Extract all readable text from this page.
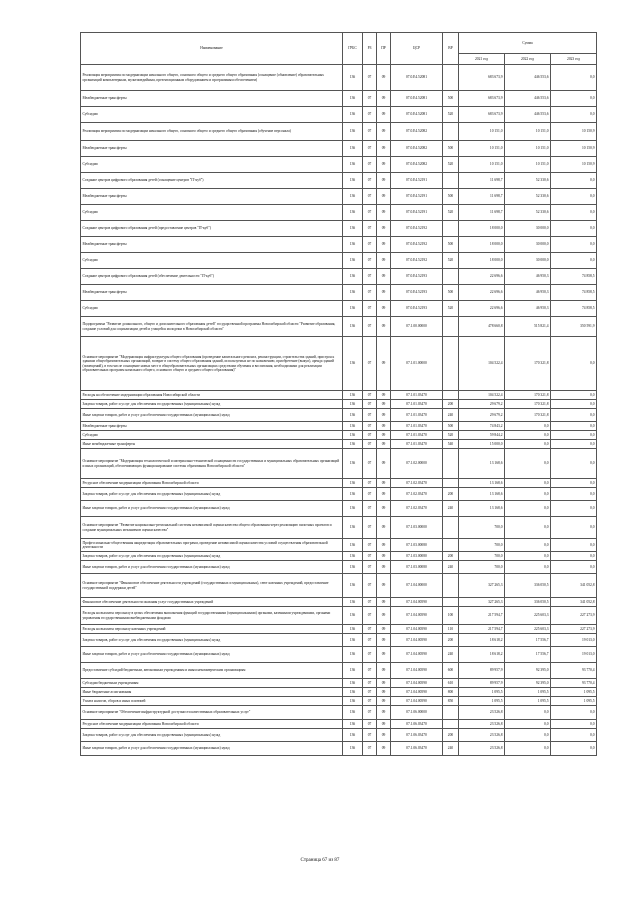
Наименование	ГРБС	РЗ	ПР	ЦСР	ВР	Сумма		
						2021 год	2022 год	2023 год
Реализация мероприятия по модернизации начального общего, основного общего и среднего общего образования (оснащение (обновление) образовательных организаций компьютерным, мультимедийным, презентационным оборудованием и программным обеспечением)	136	07	09	07.0.E4.52081		683 673,9	446 553,6	0,0
Межбюджетные трансферты	136	07	09	07.0.E4.52081	500	683 673,9	446 553,6	0,0
Субсидии	136	07	09	07.0.E4.52081	520	683 673,9	446 553,6	0,0
Реализация мероприятия по модернизации начального общего, основного общего и среднего общего образования (обучение персонала)	136	07	09	07.0.E4.52082		10 151,0	10 151,0	10 150,9
Межбюджетные трансферты	136	07	09	07.0.E4.52082	500	10 151,0	10 151,0	10 150,9
Субсидии	136	07	09	07.0.E4.52082	520	10 151,0	10 151,0	10 150,9
Создание центров цифрового образования детей (оснащение центров "IT-куб")	136	07	09	07.0.E4.52191		11 698,7	52 330,6	0,0
Межбюджетные трансферты	136	07	09	07.0.E4.52191	500	11 698,7	52 330,6	0,0
Субсидии	136	07	09	07.0.E4.52191	520	11 698,7	52 330,6	0,0
Создание центров цифрового образования детей (предоставление центров "IT-куб")	136	07	09	07.0.E4.52192		18 000,0	30 000,0	0,0
Межбюджетные трансферты	136	07	09	07.0.E4.52192	500	18 000,0	30 000,0	0,0
Субсидии	136	07	09	07.0.E4.52192	520	18 000,0	30 000,0	0,0
Создание центров цифрового образования детей (обеспечение деятельности "IT-куб")	136	07	09	07.0.E4.52193		22 696,6	46 950,3	74 858,5
Межбюджетные трансферты	136	07	09	07.0.E4.52193	500	22 696,6	46 950,3	74 858,5
Субсидии	136	07	09	07.0.E4.52193	520	22 696,6	46 950,3	74 858,5
Подпрограмма "Развитие дошкольного, общего и дополнительного образования детей" государственной программы Новосибирской области "Развитие образования, создание условий для социализации детей и учащейся молодежи в Новосибирской области"	136	07	09	07.1.00.00000		478 660,8	515 821,4	350 591,9
Основное мероприятие "Модернизация инфраструктуры общего образования (проведение капитального ремонта, реконструкции, строительства зданий, пристроя к зданиям общеобразовательных организаций, возврат в систему общего образования зданий, используемых не по назначению, приобретение (выкуп), аренда зданий (помещений), в том числе оснащение новых мест в общеобразовательных организациях средствами обучения и воспитания, необходимыми для реализации образовательных программ начального общего, основного общего и среднего общего образования)"	136	07	09	07.1.01.00000		104 522,4	170 321,8	0,0
Расходы на обеспечение модернизации образования Новосибирской области	136	07	09	07.1.01.03470		104 522,4	170 321,8	0,0
Закупка товаров, работ и услуг для обеспечения государственных (муниципальных) нужд	136	07	09	07.1.01.03470	200	29 679,2	170 321,8	0,0
Иные закупки товаров, работ и услуг для обеспечения государственных (муниципальных) нужд	136	07	09	07.1.01.03470	240	29 679,2	170 321,8	0,0
Межбюджетные трансферты	136	07	09	07.1.01.03470	500	74 843,2	0,0	0,0
Субсидии	136	07	09	07.1.01.03470	520	59 844,2	0,0	0,0
Иные межбюджетные трансферты	136	07	09	07.1.01.03470	540	15 000,0	0,0	0,0
Основное мероприятие "Модернизация технологической и материально-технической оснащенности государственных и муниципальных образовательных организаций и иных организаций, обеспечивающих функционирование системы образования Новосибирской области"	136	07	09	07.1.02.00000		13 168,6	0,0	0,0
Ресурсное обеспечение модернизации образования Новосибирской области	136	07	09	07.1.02.03470		13 168,6	0,0	0,0
Закупка товаров, работ и услуг для обеспечения государственных (муниципальных) нужд	136	07	09	07.1.02.03470	200	13 168,6	0,0	0,0
Иные закупки товаров, работ и услуг для обеспечения государственных (муниципальных) нужд	136	07	09	07.1.02.03470	240	13 168,6	0,0	0,0
Основное мероприятие "Развитие национально-региональной системы независимой оценки качества общего образования через реализацию пилотных проектов и создание муниципальных механизмов оценки качества"	136	07	09	07.1.03.00000		700,0	0,0	0,0
Профессионально-общественная аккредитация образовательных программ, проведение независимой оценки качества условий осуществления образовательной деятельности	136	07	09	07.1.03.00080		700,0	0,0	0,0
Закупка товаров, работ и услуг для обеспечения государственных (муниципальных) нужд	136	07	09	07.1.03.00080	200	700,0	0,0	0,0
Иные закупки товаров, работ и услуг для обеспечения государственных (муниципальных) нужд	136	07	09	07.1.03.00080	240	700,0	0,0	0,0
Основное мероприятие "Финансовое обеспечение деятельности учреждений (государственных и муниципальных), сеют казенных учреждений, предоставление государственной поддержки детей"	136	07	09	07.1.04.00000		327 265,3	336 050,5	341 052,8
Финансовое обеспечение деятельности оказания услуг государственных учреждений	136	07	09	07.1.04.00590		327 265,3	336 050,5	341 052,8
Расходы на выплаты персоналу в целях обеспечения выполнения функций государственными (муниципальными) органами, казенными учреждениями, органами управления государственными внебюджетными фондами	136	07	09	07.1.04.00590	100	217 594,7	225 603,3	227 273,9
Расходы на выплаты персоналу казенных учреждений	136	07	09	07.1.04.00590	110	217 594,7	225 603,3	227 273,9
Закупка товаров, работ и услуг для обеспечения государственных (муниципальных) нужд	136	07	09	07.1.04.00590	200	18 618,2	17 556,7	19 013,0
Иные закупки товаров, работ и услуг для обеспечения государственных (муниципальных) нужд	136	07	09	07.1.04.00590	240	18 618,2	17 556,7	19 013,0
Предоставление субсидий бюджетным, автономным учреждениям и иным некоммерческим организациям	136	07	09	07.1.04.00590	600	89 957,9	92 395,0	93 770,4
Субсидии бюджетным учреждениям	136	07	09	07.1.04.00590	610	89 957,9	92 395,0	93 770,4
Иные бюджетные ассигнования	136	07	09	07.1.04.00590	800	1 095,5	1 095,5	1 095,5
Уплата налогов, сборов и иных платежей	136	07	09	07.1.04.00590	850	1 095,5	1 095,5	1 095,5
Основное мероприятие "Обеспечение инфраструктурной доступности качественных образовательных услуг"	136	07	09	07.1.06.00000		23 526,8	0,0	0,0
Ресурсное обеспечение модернизации образования Новосибирской области	136	07	09	07.1.06.03470		23 526,8	0,0	0,0
Закупка товаров, работ и услуг для обеспечения государственных (муниципальных) нужд	136	07	09	07.1.06.03470	200	23 526,8	0,0	0,0
Иные закупки товаров, работ и услуг для обеспечения государственных (муниципальных) нужд	136	07	09	07.1.06.03470	240	23 526,8	0,0	0,0
Страница 67 из 87
